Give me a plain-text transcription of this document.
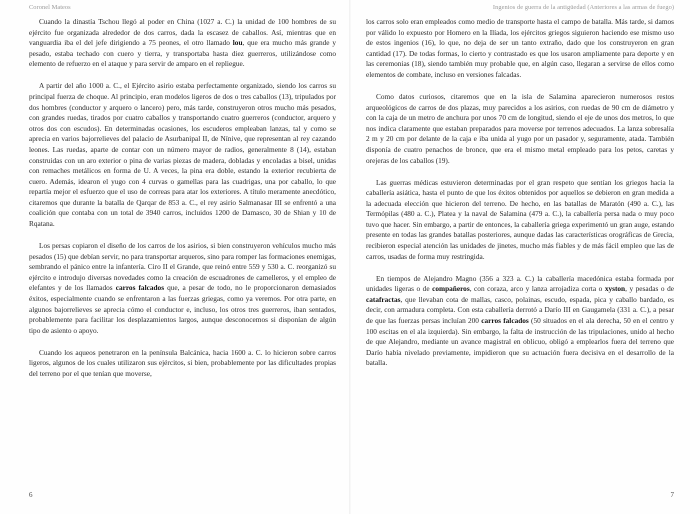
Coronel Mateos

Cuando la dinastía Tschou llegó al poder en China (1027 a. C.) la unidad de 100 hombres de su ejército fue organizada alrededor de dos carros, dada la escasez de caballos. Así, mientras que en vanguardia iba el del jefe dirigiendo a 75 peones, el otro llamado lou, que era mucho más grande y pesado, estaba techado con cuero y tierra, y transportaba hasta diez guerreros, utilizándose como elemento de refuerzo en el ataque y para servir de amparo en el repliegue.

A partir del año 1000 a. C., el Ejército asirio estaba perfectamente organizado, siendo los carros su principal fuerza de choque. Al principio, eran modelos ligeros de dos o tres caballos (13), tripulados por dos hombres (conductor y arquero o lancero) pero, más tarde, construyeron otros mucho más pesados, con grandes ruedas, tirados por cuatro caballos y transportando cuatro guerreros (conductor, arquero y otros dos con escudos). En determinadas ocasiones, los escuderos empleaban lanzas, tal y como se aprecia en varios bajorrelieves del palacio de Asurbanipal II, de Nínive, que representan al rey cazando leones. Las ruedas, aparte de contar con un número mayor de radios, generalmente 8 (14), estaban construidas con un aro exterior o pina de varias piezas de madera, dobladas y encoladas a bisel, unidas con remaches metálicos en forma de U. A veces, la pina era doble, estando la exterior recubierta de cuero. Además, idearon el yugo con 4 curvas o gamellas para las cuadrigas, una por caballo, lo que repartía mejor el esfuerzo que el uso de correas para atar los exteriores. A título meramente anecdótico, citaremos que durante la batalla de Qarqar de 853 a. C., el rey asirio Salmanasar III se enfrentó a una coalición que contaba con un total de 3940 carros, incluidos 1200 de Damasco, 30 de Shian y 10 de Rqatana.

Los persas copiaron el diseño de los carros de los asirios, si bien construyeron vehículos mucho más pesados (15) que debían servir, no para transportar arqueros, sino para romper las formaciones enemigas, sembrando el pánico entre la infantería. Ciro II el Grande, que reinó entre 559 y 530 a. C. reorganizó su ejército e introdujo diversas novedades como la creación de escuadrones de camelleros, y el empleo de elefantes y de los llamados carros falcados que, a pesar de todo, no le proporcionaron demasiados éxitos, especialmente cuando se enfrentaron a las fuerzas griegas, como ya veremos. Por otra parte, en algunos bajorrelieves se aprecia cómo el conductor e, incluso, los otros tres guerreros, iban sentados, probablemente para facilitar los desplazamientos largos, aunque desconocemos si disponían de algún tipo de asiento o apoyo.

Cuando los aqueos penetraron en la península Balcánica, hacia 1600 a. C. lo hicieron sobre carros ligeros, algunos de los cuales utilizaron sus ejércitos, si bien, probablemente por las dificultades propias del terreno por el que tenían que moverse,

6
Ingenios de guerra de la antigüedad (Anteriores a las armas de fuego)

los carros solo eran empleados como medio de transporte hasta el campo de batalla. Más tarde, si damos por válido lo expuesto por Homero en la Ilíada, los ejércitos griegos siguieron haciendo ese mismo uso de estos ingenios (16), lo que, no deja de ser un tanto extraño, dado que los construyeron en gran cantidad (17). De todas formas, lo cierto y contrastado es que los usaron ampliamente para deporte y en las ceremonias (18), siendo también muy probable que, en algún caso, llegaran a servirse de ellos como elementos de combate, incluso en versiones falcadas.

Como datos curiosos, citaremos que en la isla de Salamina aparecieron numerosos restos arqueológicos de carros de dos plazas, muy parecidos a los asirios, con ruedas de 90 cm de diámetro y con la caja de un metro de anchura por unos 70 cm de longitud, siendo el eje de unos dos metros, lo que nos indica claramente que estaban preparados para moverse por terrenos adecuados. La lanza sobresalía 2 m y 20 cm por delante de la caja e iba unida al yugo por un pasador y, seguramente, atada. También disponía de cuatro penachos de bronce, que era el mismo metal empleado para los petos, caretas y orejeras de los caballos (19).

Las guerras médicas estuvieron determinadas por el gran respeto que sentían los griegos hacia la caballería asiática, hasta el punto de que los éxitos obtenidos por aquellos se debieron en gran medida a la adecuada elección que hicieron del terreno. De hecho, en las batallas de Maratón (490 a. C.), las Termópilas (480 a. C.), Platea y la naval de Salamina (479 a. C.), la caballería persa nada o muy poco tuvo que hacer. Sin embargo, a partir de entonces, la caballería griega experimentó un gran auge, estando presente en todas las grandes batallas posteriores, aunque dadas las características orográficas de Grecia, recibieron especial atención las unidades de jinetes, mucho más fiables y de más fácil empleo que las de carros, usadas de forma muy restringida.

En tiempos de Alejandro Magno (356 a 323 a. C.) la caballería macedónica estaba formada por unidades ligeras o de compañeros, con coraza, arco y lanza arrojadiza corta o xyston, y pesadas o de catafractas, que llevaban cota de mallas, casco, polainas, escudo, espada, pica y caballo bardado, es decir, con armadura completa. Con esta caballería derrotó a Darío III en Gaugamela (331 a. C.), a pesar de que las fuerzas persas incluían 200 carros falcados (50 situados en el ala derecha, 50 en el centro y 100 escitas en el ala izquierda). Sin embargo, la falta de instrucción de las tripulaciones, unido al hecho de que Alejandro, mediante un avance magistral en oblicuo, obligó a emplearlos fuera del terreno que Darío había nivelado previamente, impidieron que su actuación fuera decisiva en el desarrollo de la batalla.

7
